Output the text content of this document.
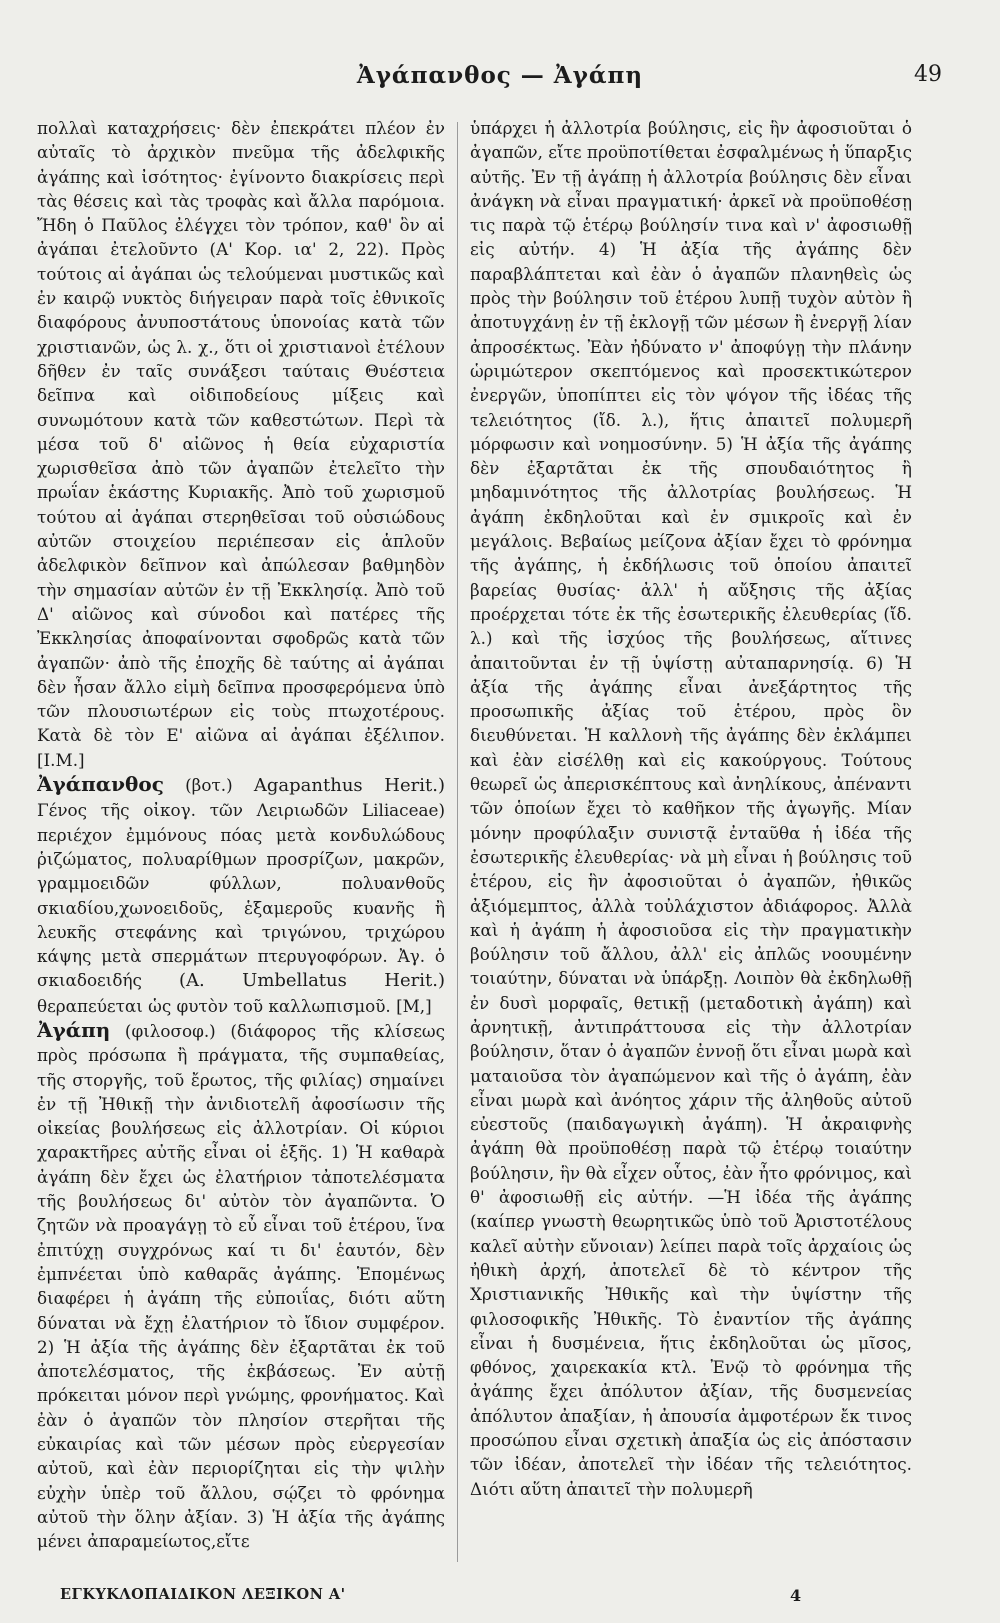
Ἀγάπανθος — Ἀγάπη	49

πολλαὶ καταχρήσεις· δὲν ἐπεκράτει πλέον ἐν αὐταῖς τὸ ἀρχικὸν πνεῦμα τῆς ἀδελφικῆς ἀγάπης καὶ ἰσότητος· ἐγίνοντο διακρίσεις περὶ τὰς θέσεις καὶ τὰς τροφὰς καὶ ἄλλα παρόμοια. Ἤδη ὁ Παῦλος ἐλέγχει τὸν τρόπον, καθ' ὃν αἱ ἀγάπαι ἐτελοῦντο (Α' Κορ. ια' 2, 22). Πρὸς τούτοις αἱ ἀγάπαι ὡς τελούμεναι μυστικῶς καὶ ἐν καιρῷ νυκτὸς διήγειραν παρὰ τοῖς ἐθνικοῖς διαφόρους ἀνυποστάτους ὑπονοίας κατὰ τῶν χριστιανῶν, ὡς λ. χ., ὅτι οἱ χριστιανοὶ ἐτέλουν δῆθεν ἐν ταῖς συνάξεσι ταύταις Θυέστεια δεῖπνα καὶ οἰδιποδείους μίξεις καὶ συνωμότουν κατὰ τῶν καθεστώτων. Περὶ τὰ μέσα τοῦ δ' αἰῶνος ἡ θεία εὐχαριστία χωρισθεῖσα ἀπὸ τῶν ἀγαπῶν ἐτελεῖτο τὴν πρωΐαν ἑκάστης Κυριακῆς. Ἀπὸ τοῦ χωρισμοῦ τούτου αἱ ἀγάπαι στερηθεῖσαι τοῦ οὐσιώδους αὐτῶν στοιχείου περιέπεσαν εἰς ἁπλοῦν ἀδελφικὸν δεῖπνον καὶ ἀπώλεσαν βαθμηδὸν τὴν σημασίαν αὐτῶν ἐν τῇ Ἐκκλησίᾳ. Ἀπὸ τοῦ Δ' αἰῶνος καὶ σύνοδοι καὶ πατέρες τῆς Ἐκκλησίας ἀποφαίνονται σφοδρῶς κατὰ τῶν ἀγαπῶν· ἀπὸ τῆς ἐποχῆς δὲ ταύτης αἱ ἀγάπαι δὲν ἦσαν ἄλλο εἰμὴ δεῖπνα προσφερόμενα ὑπὸ τῶν πλουσιωτέρων εἰς τοὺς πτωχοτέρους. Κατὰ δὲ τὸν Ε' αἰῶνα αἱ ἀγάπαι ἐξέλιπον. [Ι.Μ.]

Ἀγάπανθος (βοτ.) Agapanthus Herit.) Γένος τῆς οἰκογ. τῶν Λειριωδῶν Liliaceae) περιέχον ἐμμόνους πόας μετὰ κονδυλώδους ῥιζώματος, πολυαρίθμων προσρίζων, μακρῶν, γραμμοειδῶν φύλλων, πολυανθοῦς σκιαδίου,χωνοειδοῦς, ἑξαμεροῦς κυανῆς ἢ λευκῆς στεφάνης καὶ τριγώνου, τριχώρου κάψης μετὰ σπερμάτων πτερυγοφόρων. Ἀγ. ὁ σκιαδοειδής (A. Umbellatus Herit.) θεραπεύεται ὡς φυτὸν τοῦ καλλωπισμοῦ. [Μ,]

Ἀγάπη (φιλοσοφ.) (διάφορος τῆς κλίσεως πρὸς πρόσωπα ἢ πράγματα, τῆς συμπαθείας, τῆς στοργῆς, τοῦ ἔρωτος, τῆς φιλίας) σημαίνει ἐν τῇ Ἠθικῇ τὴν ἀνιδιοτελῆ ἀφοσίωσιν τῆς οἰκείας βουλήσεως εἰς ἀλλοτρίαν. Οἱ κύριοι χαρακτῆρες αὐτῆς εἶναι οἱ ἑξῆς. 1) Ἡ καθαρὰ ἀγάπη δὲν ἔχει ὡς ἐλατήριον τἀποτελέσματα τῆς βουλήσεως δι' αὐτὸν τὸν ἀγαπῶντα. Ὁ ζητῶν νὰ προαγάγῃ τὸ εὖ εἶναι τοῦ ἑτέρου, ἵνα ἐπιτύχῃ συγχρόνως καί τι δι' ἑαυτόν, δὲν ἐμπνέεται ὑπὸ καθαρᾶς ἀγάπης. Ἑπομένως διαφέρει ἡ ἀγάπη τῆς εὐποιΐας, διότι αὕτη δύναται νὰ ἔχῃ ἐλατήριον τὸ ἴδιον συμφέρον. 2) Ἡ ἀξία τῆς ἀγάπης δὲν ἐξαρτᾶται ἐκ τοῦ ἀποτελέσματος, τῆς ἐκβάσεως. Ἐν αὐτῇ πρόκειται μόνον περὶ γνώμης, φρονήματος. Καὶ ἐὰν ὁ ἀγαπῶν τὸν πλησίον στερῆται τῆς εὐκαιρίας καὶ τῶν μέσων πρὸς εὐεργεσίαν αὐτοῦ, καὶ ἐὰν περιορίζηται εἰς τὴν ψιλὴν εὐχὴν ὑπὲρ τοῦ ἄλλου, σῴζει τὸ φρόνημα αὐτοῦ τὴν ὅλην ἀξίαν. 3) Ἡ ἀξία τῆς ἀγάπης μένει ἀπαραμείωτος,εἴτε

ὑπάρχει ἡ ἀλλοτρία βούλησις, εἰς ἣν ἀφοσιοῦται ὁ ἀγαπῶν, εἴτε προϋποτίθεται ἐσφαλμένως ἡ ὕπαρξις αὐτῆς. Ἐν τῇ ἀγάπῃ ἡ ἀλλοτρία βούλησις δὲν εἶναι ἀνάγκη νὰ εἶναι πραγματική· ἀρκεῖ νὰ προϋποθέσῃ τις παρὰ τῷ ἑτέρῳ βούλησίν τινα καὶ ν' ἀφοσιωθῇ εἰς αὐτήν. 4) Ἡ ἀξία τῆς ἀγάπης δὲν παραβλάπτεται καὶ ἐὰν ὁ ἀγαπῶν πλανηθεὶς ὡς πρὸς τὴν βούλησιν τοῦ ἑτέρου λυπῇ τυχὸν αὐτὸν ἢ ἀποτυγχάνῃ ἐν τῇ ἐκλογῇ τῶν μέσων ἢ ἐνεργῇ λίαν ἀπροσέκτως. Ἐὰν ἠδύνατο ν' ἀποφύγῃ τὴν πλάνην ὡριμώτερον σκεπτόμενος καὶ προσεκτικώτερον ἐνεργῶν, ὑποπίπτει εἰς τὸν ψόγον τῆς ἰδέας τῆς τελειότητος (ἴδ. λ.), ἥτις ἀπαιτεῖ πολυμερῆ μόρφωσιν καὶ νοημοσύνην. 5) Ἡ ἀξία τῆς ἀγάπης δὲν ἐξαρτᾶται ἐκ τῆς σπουδαιότητος ἢ μηδαμινότητος τῆς ἀλλοτρίας βουλήσεως. Ἡ ἀγάπη ἐκδηλοῦται καὶ ἐν σμικροῖς καὶ ἐν μεγάλοις. Βεβαίως μείζονα ἀξίαν ἔχει τὸ φρόνημα τῆς ἀγάπης, ἡ ἐκδήλωσις τοῦ ὁποίου ἀπαιτεῖ βαρείας θυσίας· ἀλλ' ἡ αὔξησις τῆς ἀξίας προέρχεται τότε ἐκ τῆς ἐσωτερικῆς ἐλευθερίας (ἴδ. λ.) καὶ τῆς ἰσχύος τῆς βουλήσεως, αἵτινες ἀπαιτοῦνται ἐν τῇ ὑψίστῃ αὐταπαρνησίᾳ. 6) Ἡ ἀξία τῆς ἀγάπης εἶναι ἀνεξάρτητος τῆς προσωπικῆς ἀξίας τοῦ ἑτέρου, πρὸς ὃν διευθύνεται. Ἡ καλλονὴ τῆς ἀγάπης δὲν ἐκλάμπει καὶ ἐὰν εἰσέλθῃ καὶ εἰς κακούργους. Τούτους θεωρεῖ ὡς ἀπερισκέπτους καὶ ἀνηλίκους, ἀπέναντι τῶν ὁποίων ἔχει τὸ καθῆκον τῆς ἀγωγῆς. Μίαν μόνην προφύλαξιν συνιστᾷ ἐνταῦθα ἡ ἰδέα τῆς ἐσωτερικῆς ἐλευθερίας· νὰ μὴ εἶναι ἡ βούλησις τοῦ ἑτέρου, εἰς ἣν ἀφοσιοῦται ὁ ἀγαπῶν, ἠθικῶς ἀξιόμεμπτος, ἀλλὰ τοὐλάχιστον ἀδιάφορος. Ἀλλὰ καὶ ἡ ἀγάπη ἡ ἀφοσιοῦσα εἰς τὴν πραγματικὴν βούλησιν τοῦ ἄλλου, ἀλλ' εἰς ἀπλῶς νοουμένην τοιαύτην, δύναται νὰ ὑπάρξῃ. Λοιπὸν θὰ ἐκδηλωθῇ ἐν δυσὶ μορφαῖς, θετικῇ (μεταδοτικὴ ἀγάπη) καὶ ἀρνητικῇ, ἀντιπράττουσα εἰς τὴν ἀλλοτρίαν βούλησιν, ὅταν ὁ ἀγαπῶν ἐννοῇ ὅτι εἶναι μωρὰ καὶ ματαιοῦσα τὸν ἀγαπώμενον καὶ τῆς ὁ ἀγάπη, ἐὰν εἶναι μωρὰ καὶ ἀνόητος χάριν τῆς ἀληθοῦς αὐτοῦ εὐεστοῦς (παιδαγωγικὴ ἀγάπη). Ἡ ἀκραιφνὴς ἀγάπη θὰ προϋποθέσῃ παρὰ τῷ ἑτέρῳ τοιαύτην βούλησιν, ἣν θὰ εἶχεν οὗτος, ἐὰν ἦτο φρόνιμος, καὶ θ' ἀφοσιωθῇ εἰς αὐτήν. —Ἡ ἰδέα τῆς ἀγάπης (καίπερ γνωστὴ θεωρητικῶς ὑπὸ τοῦ Ἀριστοτέλους καλεῖ αὐτὴν εὔνοιαν) λείπει παρὰ τοῖς ἀρχαίοις ὡς ἠθικὴ ἀρχή, ἀποτελεῖ δὲ τὸ κέντρον τῆς Χριστιανικῆς Ἠθικῆς καὶ τὴν ὑψίστην τῆς φιλοσοφικῆς Ἠθικῆς. Τὸ ἐναντίον τῆς ἀγάπης εἶναι ἡ δυσμένεια, ἥτις ἐκδηλοῦται ὡς μῖσος, φθόνος, χαιρεκακία κτλ. Ἐνῷ τὸ φρόνημα τῆς ἀγάπης ἔχει ἀπόλυτον ἀξίαν, τῆς δυσμενείας ἀπόλυτον ἀπαξίαν, ἡ ἀπουσία ἀμφοτέρων ἔκ τινος προσώπου εἶναι σχετικὴ ἀπαξία ὡς εἰς ἀπόστασιν τῶν ἰδέαν, ἀποτελεῖ τὴν ἰδέαν τῆς τελειότητος. Διότι αὕτη ἀπαιτεῖ τὴν πολυμερῆ

ΕΓΚΥΚΛΟΠΑΙΔΙΚΟΝ ΛΕΞΙΚΟΝ Α'	4
